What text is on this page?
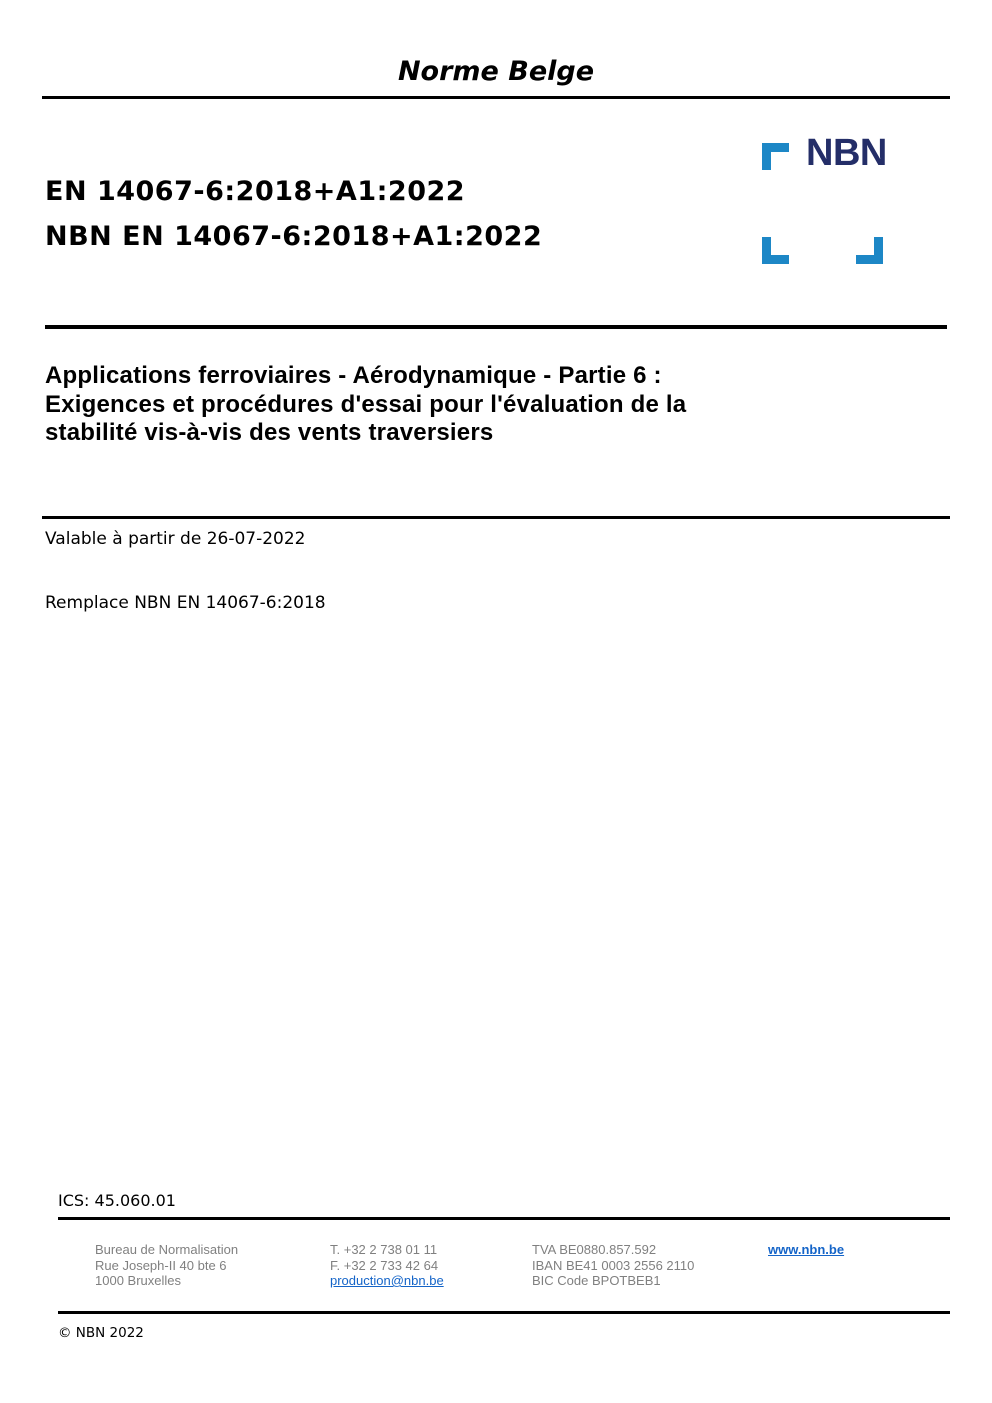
Norme Belge
EN 14067-6:2018+A1:2022
NBN EN 14067-6:2018+A1:2022
NBN
Applications ferroviaires - Aérodynamique - Partie 6 :
Exigences et procédures d'essai pour l'évaluation de la
stabilité vis-à-vis des vents traversiers
Valable à partir de 26-07-2022
Remplace NBN EN 14067-6:2018
ICS: 45.060.01
Bureau de Normalisation
Rue Joseph-II 40 bte 6
1000 Bruxelles
T. +32 2 738 01 11
F. +32 2 733 42 64
production@nbn.be
TVA BE0880.857.592
IBAN BE41 0003 2556 2110
BIC Code BPOTBEB1
www.nbn.be
© NBN 2022
